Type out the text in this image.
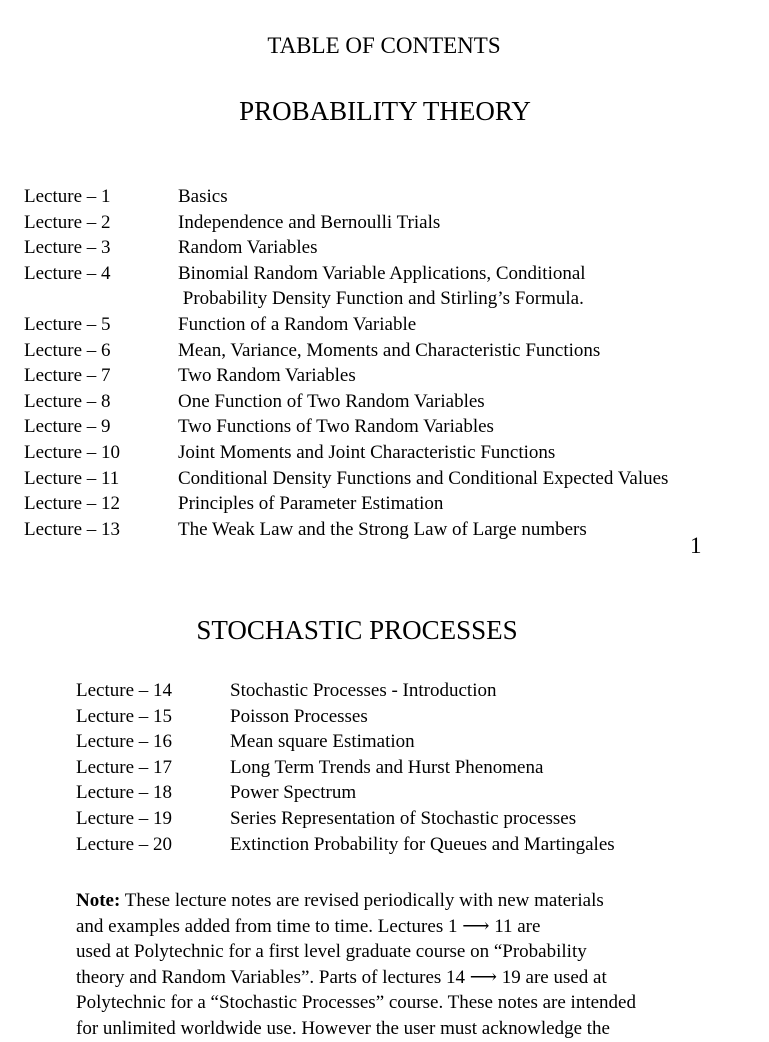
TABLE OF CONTENTS
PROBABILITY THEORY
Lecture – 1	Basics
Lecture – 2	Independence and Bernoulli Trials
Lecture – 3	Random Variables
Lecture – 4	Binomial Random Variable Applications, Conditional
Probability Density Function and Stirling’s Formula.
Lecture – 5	Function of a Random Variable
Lecture – 6	Mean, Variance, Moments and Characteristic Functions
Lecture – 7	Two Random Variables
Lecture – 8	One Function of Two Random Variables
Lecture – 9	Two Functions of Two Random Variables
Lecture – 10	Joint Moments and Joint Characteristic Functions
Lecture – 11	Conditional Density Functions and Conditional Expected Values
Lecture – 12	Principles of Parameter Estimation
Lecture – 13	The Weak Law and the Strong Law of Large numbers
1
STOCHASTIC PROCESSES
Lecture – 14	Stochastic Processes - Introduction
Lecture – 15	Poisson Processes
Lecture – 16	Mean square Estimation
Lecture – 17	Long Term Trends and Hurst Phenomena
Lecture – 18	Power Spectrum
Lecture – 19	Series Representation of Stochastic processes
Lecture – 20	Extinction Probability for Queues and Martingales

Note: These lecture notes are revised periodically with new materials
and examples added from time to time. Lectures 1 ⟶ 11 are
used at Polytechnic for a first level graduate course on “Probability
theory and Random Variables”. Parts of lectures 14 ⟶ 19 are used at
Polytechnic for a “Stochastic Processes” course. These notes are intended
for unlimited worldwide use. However the user must acknowledge the
